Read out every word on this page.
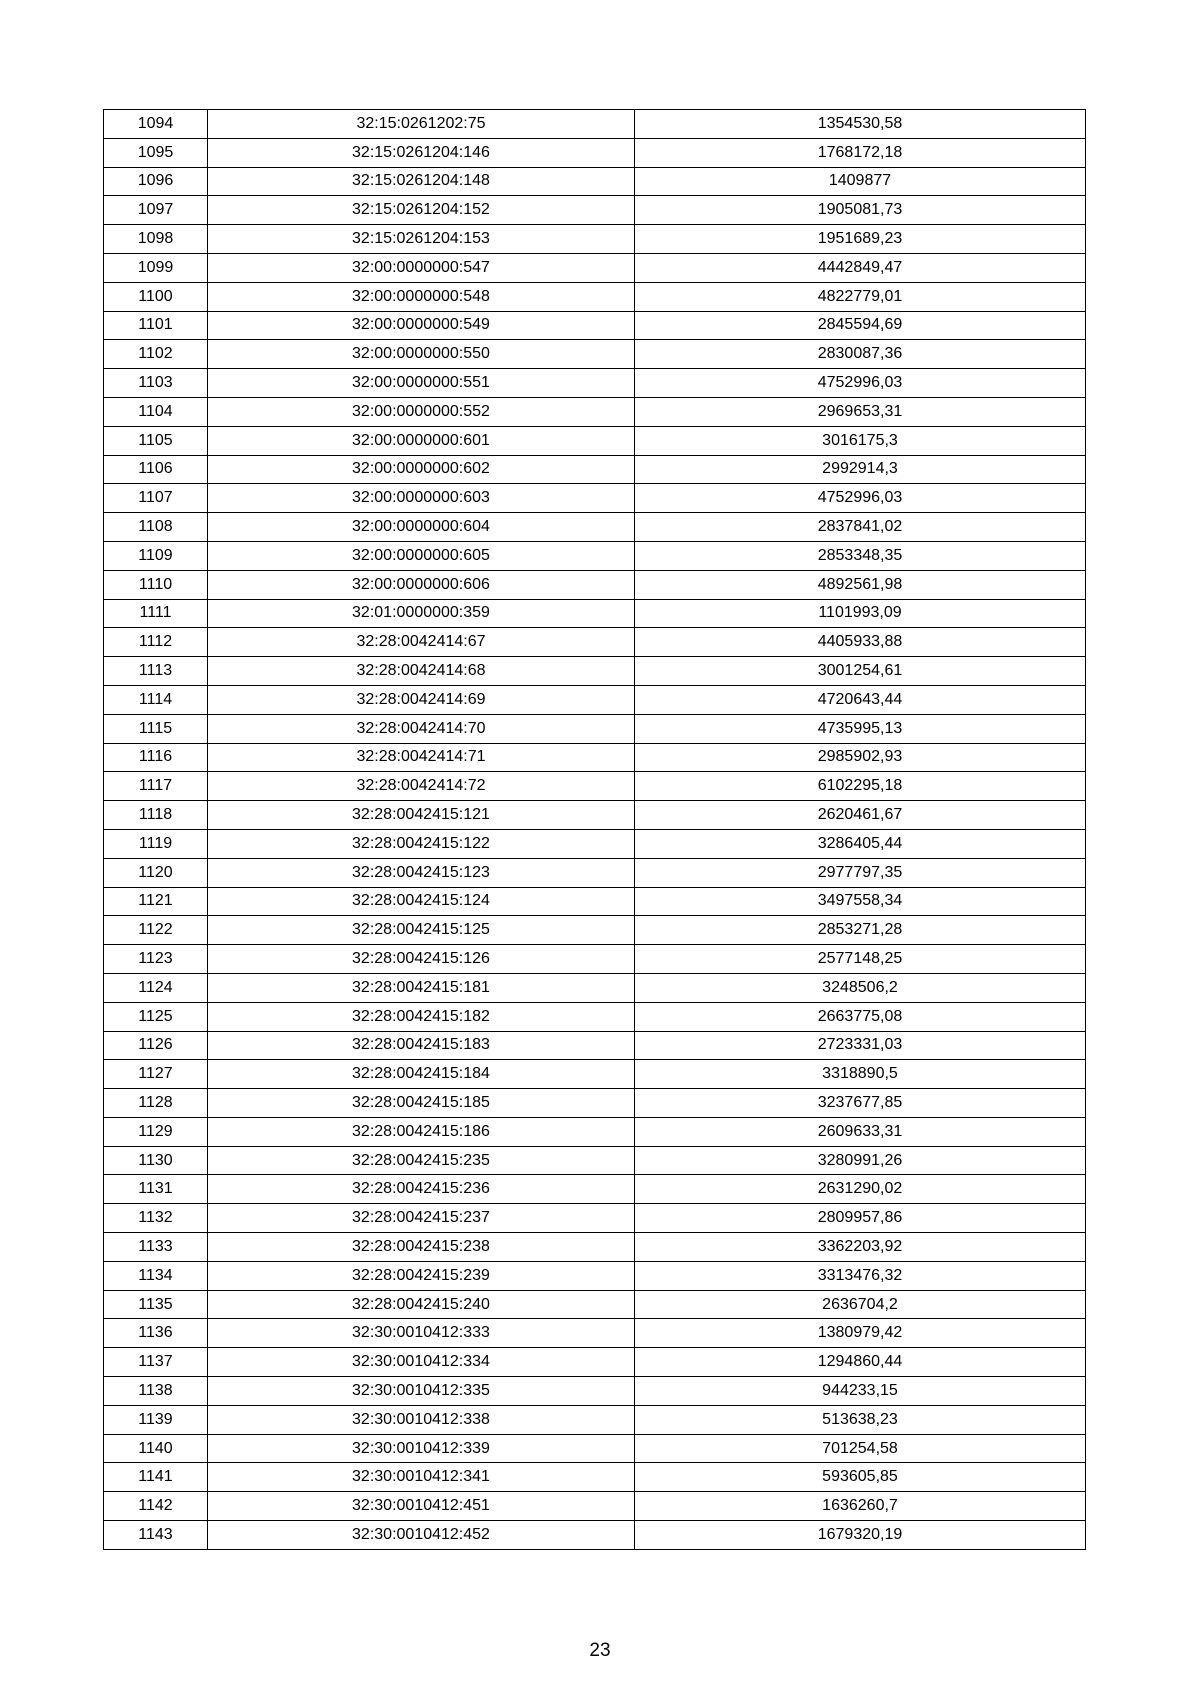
1094	32:15:0261202:75	1354530,58
1095	32:15:0261204:146	1768172,18
1096	32:15:0261204:148	1409877
1097	32:15:0261204:152	1905081,73
1098	32:15:0261204:153	1951689,23
1099	32:00:0000000:547	4442849,47
1100	32:00:0000000:548	4822779,01
1101	32:00:0000000:549	2845594,69
1102	32:00:0000000:550	2830087,36
1103	32:00:0000000:551	4752996,03
1104	32:00:0000000:552	2969653,31
1105	32:00:0000000:601	3016175,3
1106	32:00:0000000:602	2992914,3
1107	32:00:0000000:603	4752996,03
1108	32:00:0000000:604	2837841,02
1109	32:00:0000000:605	2853348,35
1110	32:00:0000000:606	4892561,98
1111	32:01:0000000:359	1101993,09
1112	32:28:0042414:67	4405933,88
1113	32:28:0042414:68	3001254,61
1114	32:28:0042414:69	4720643,44
1115	32:28:0042414:70	4735995,13
1116	32:28:0042414:71	2985902,93
1117	32:28:0042414:72	6102295,18
1118	32:28:0042415:121	2620461,67
1119	32:28:0042415:122	3286405,44
1120	32:28:0042415:123	2977797,35
1121	32:28:0042415:124	3497558,34
1122	32:28:0042415:125	2853271,28
1123	32:28:0042415:126	2577148,25
1124	32:28:0042415:181	3248506,2
1125	32:28:0042415:182	2663775,08
1126	32:28:0042415:183	2723331,03
1127	32:28:0042415:184	3318890,5
1128	32:28:0042415:185	3237677,85
1129	32:28:0042415:186	2609633,31
1130	32:28:0042415:235	3280991,26
1131	32:28:0042415:236	2631290,02
1132	32:28:0042415:237	2809957,86
1133	32:28:0042415:238	3362203,92
1134	32:28:0042415:239	3313476,32
1135	32:28:0042415:240	2636704,2
1136	32:30:0010412:333	1380979,42
1137	32:30:0010412:334	1294860,44
1138	32:30:0010412:335	944233,15
1139	32:30:0010412:338	513638,23
1140	32:30:0010412:339	701254,58
1141	32:30:0010412:341	593605,85
1142	32:30:0010412:451	1636260,7
1143	32:30:0010412:452	1679320,19
23
